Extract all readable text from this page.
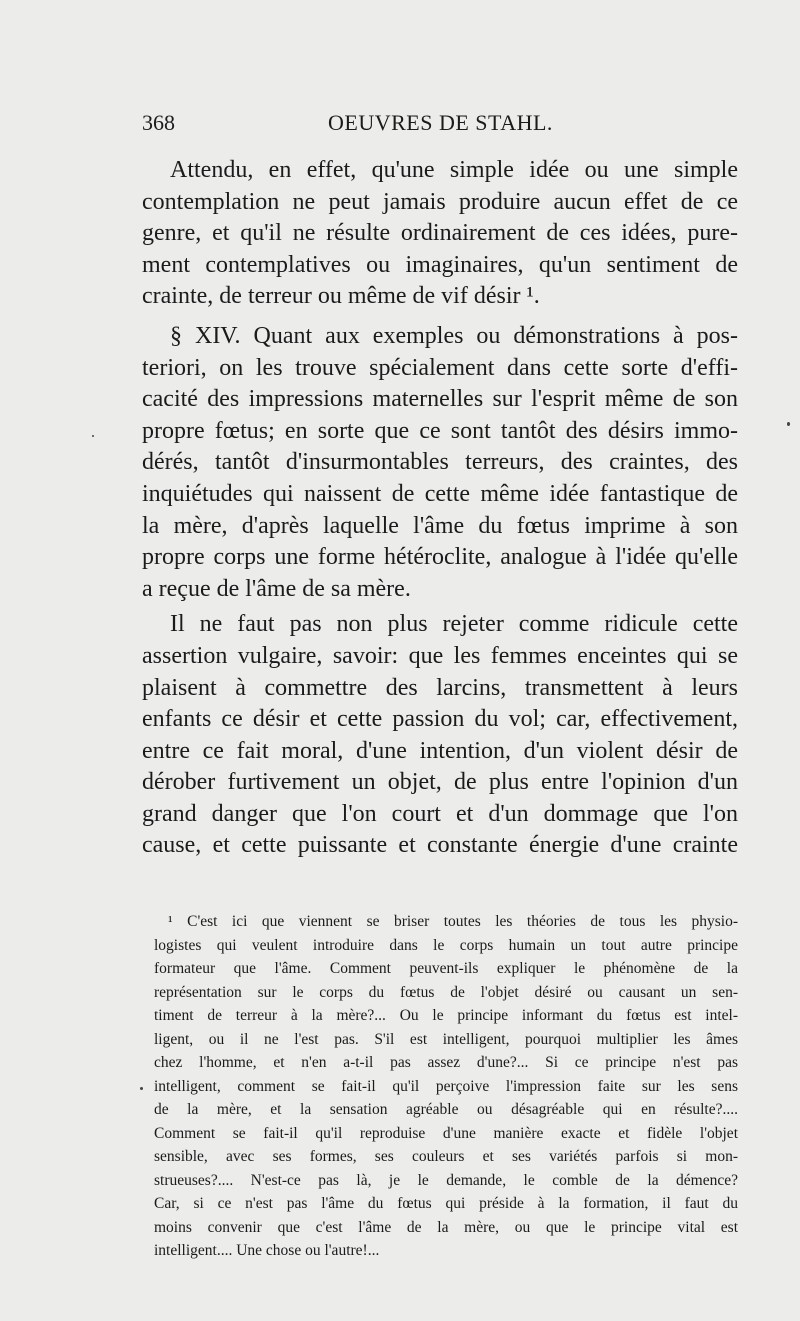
368	OEUVRES DE STAHL.
Attendu, en effet, qu'une simple idée ou une simple
contemplation ne peut jamais produire aucun effet de ce
genre, et qu'il ne résulte ordinairement de ces idées, pure-
ment contemplatives ou imaginaires, qu'un sentiment de
crainte, de terreur ou même de vif désir ¹.
§ XIV. Quant aux exemples ou démonstrations à pos-
teriori, on les trouve spécialement dans cette sorte d'effi-
cacité des impressions maternelles sur l'esprit même de son
propre fœtus; en sorte que ce sont tantôt des désirs immo-
dérés, tantôt d'insurmontables terreurs, des craintes, des
inquiétudes qui naissent de cette même idée fantastique de
la mère, d'après laquelle l'âme du fœtus imprime à son
propre corps une forme hétéroclite, analogue à l'idée qu'elle
a reçue de l'âme de sa mère.
Il ne faut pas non plus rejeter comme ridicule cette
assertion vulgaire, savoir: que les femmes enceintes qui se
plaisent à commettre des larcins, transmettent à leurs
enfants ce désir et cette passion du vol; car, effectivement,
entre ce fait moral, d'une intention, d'un violent désir de
dérober furtivement un objet, de plus entre l'opinion d'un
grand danger que l'on court et d'un dommage que l'on
cause, et cette puissante et constante énergie d'une crainte
¹ C'est ici que viennent se briser toutes les théories de tous les physio-
logistes qui veulent introduire dans le corps humain un tout autre principe
formateur que l'âme. Comment peuvent-ils expliquer le phénomène de la
représentation sur le corps du fœtus de l'objet désiré ou causant un sen-
timent de terreur à la mère?... Ou le principe informant du fœtus est intel-
ligent, ou il ne l'est pas. S'il est intelligent, pourquoi multiplier les âmes
chez l'homme, et n'en a-t-il pas assez d'une?... Si ce principe n'est pas
intelligent, comment se fait-il qu'il perçoive l'impression faite sur les sens
de la mère, et la sensation agréable ou désagréable qui en résulte?....
Comment se fait-il qu'il reproduise d'une manière exacte et fidèle l'objet
sensible, avec ses formes, ses couleurs et ses variétés parfois si mon-
strueuses?.... N'est-ce pas là, je le demande, le comble de la démence?
Car, si ce n'est pas l'âme du fœtus qui préside à la formation, il faut du
moins convenir que c'est l'âme de la mère, ou que le principe vital est
intelligent.... Une chose ou l'autre!...
